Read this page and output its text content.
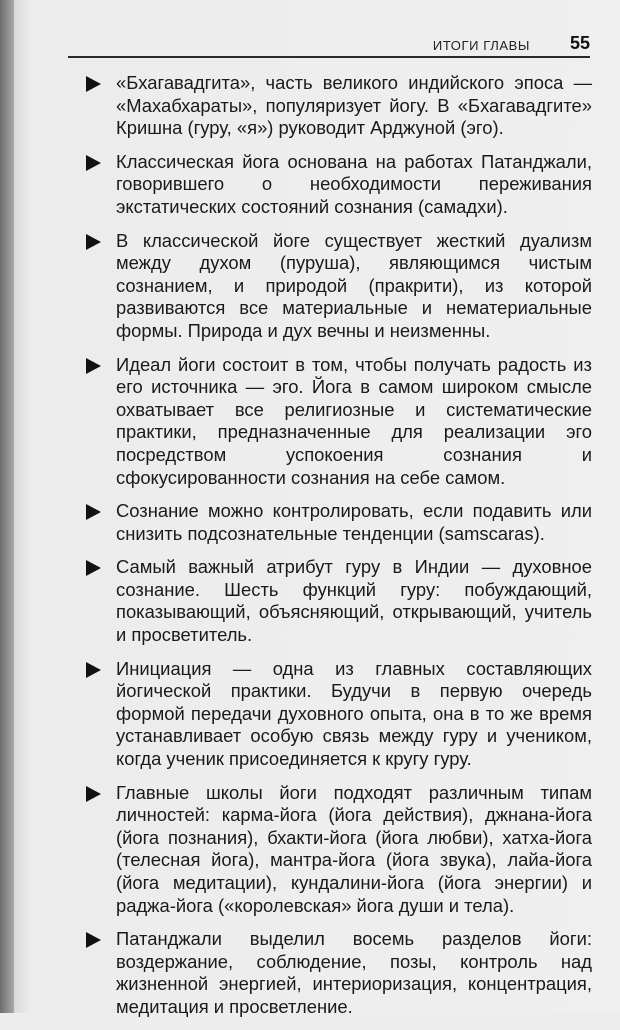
ИТОГИ ГЛАВЫ 55
«Бхагавадгита», часть великого индийского эпоса — «Махабхараты», популяризует йогу. В «Бхагавадгите» Кришна (гуру, «я») руководит Арджуной (эго).
Классическая йога основана на работах Патанджали, говорившего о необходимости переживания экстатических состояний сознания (самадхи).
В классической йоге существует жесткий дуализм между духом (пуруша), являющимся чистым сознанием, и природой (пракрити), из которой развиваются все материальные и нематериальные формы. Природа и дух вечны и неизменны.
Идеал йоги состоит в том, чтобы получать радость из его источника — эго. Йога в самом широком смысле охватывает все религиозные и систематические практики, предназначенные для реализации эго посредством успокоения сознания и сфокусированности сознания на себе самом.
Сознание можно контролировать, если подавить или снизить подсознательные тенденции (samscaras).
Самый важный атрибут гуру в Индии — духовное сознание. Шесть функций гуру: побуждающий, показывающий, объясняющий, открывающий, учитель и просветитель.
Инициация — одна из главных составляющих йогической практики. Будучи в первую очередь формой передачи духовного опыта, она в то же время устанавливает особую связь между гуру и учеником, когда ученик присоединяется к кругу гуру.
Главные школы йоги подходят различным типам личностей: карма-йога (йога действия), джнана-йога (йога познания), бхакти-йога (йога любви), хатха-йога (телесная йога), мантра-йога (йога звука), лайа-йога (йога медитации), кундалини-йога (йога энергии) и раджа-йога («королевская» йога души и тела).
Патанджали выделил восемь разделов йоги: воздержание, соблюдение, позы, контроль над жизненной энергией, интериоризация, концентрация, медитация и просветление.
